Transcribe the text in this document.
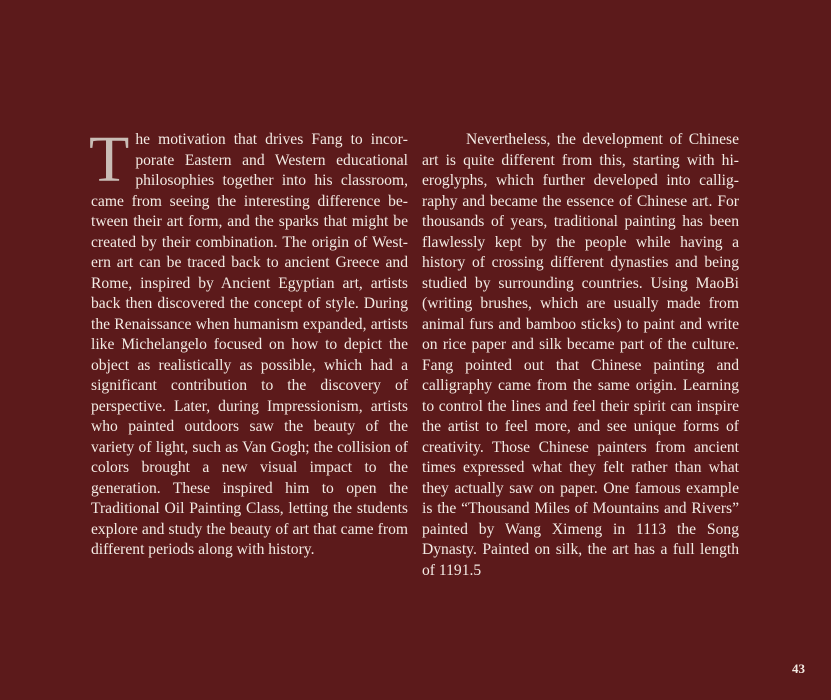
The motivation that drives Fang to incorporate Eastern and Western educational philosophies together into his classroom, came from seeing the interesting difference between their art form, and the sparks that might be created by their combination. The origin of Western art can be traced back to ancient Greece and Rome, inspired by Ancient Egyptian art, artists back then discovered the concept of style. During the Renaissance when humanism expanded, artists like Michelangelo focused on how to depict the object as realistically as possible, which had a significant contribution to the discovery of perspective. Later, during Impressionism, artists who painted outdoors saw the beauty of the variety of light, such as Van Gogh; the collision of colors brought a new visual impact to the generation. These inspired him to open the Traditional Oil Painting Class, letting the students explore and study the beauty of art that came from different periods along with history.

Nevertheless, the development of Chinese art is quite different from this, starting with hieroglyphs, which further developed into calligraphy and became the essence of Chinese art. For thousands of years, traditional painting has been flawlessly kept by the people while having a history of crossing different dynasties and being studied by surrounding countries. Using MaoBi (writing brushes, which are usually made from animal furs and bamboo sticks) to paint and write on rice paper and silk became part of the culture. Fang pointed out that Chinese painting and calligraphy came from the same origin. Learning to control the lines and feel their spirit can inspire the artist to feel more, and see unique forms of creativity. Those Chinese painters from ancient times expressed what they felt rather than what they actually saw on paper. One famous example is the “Thousand Miles of Mountains and Rivers” painted by Wang Ximeng in 1113 the Song Dynasty. Painted on silk, the art has a full length of 1191.5

43
